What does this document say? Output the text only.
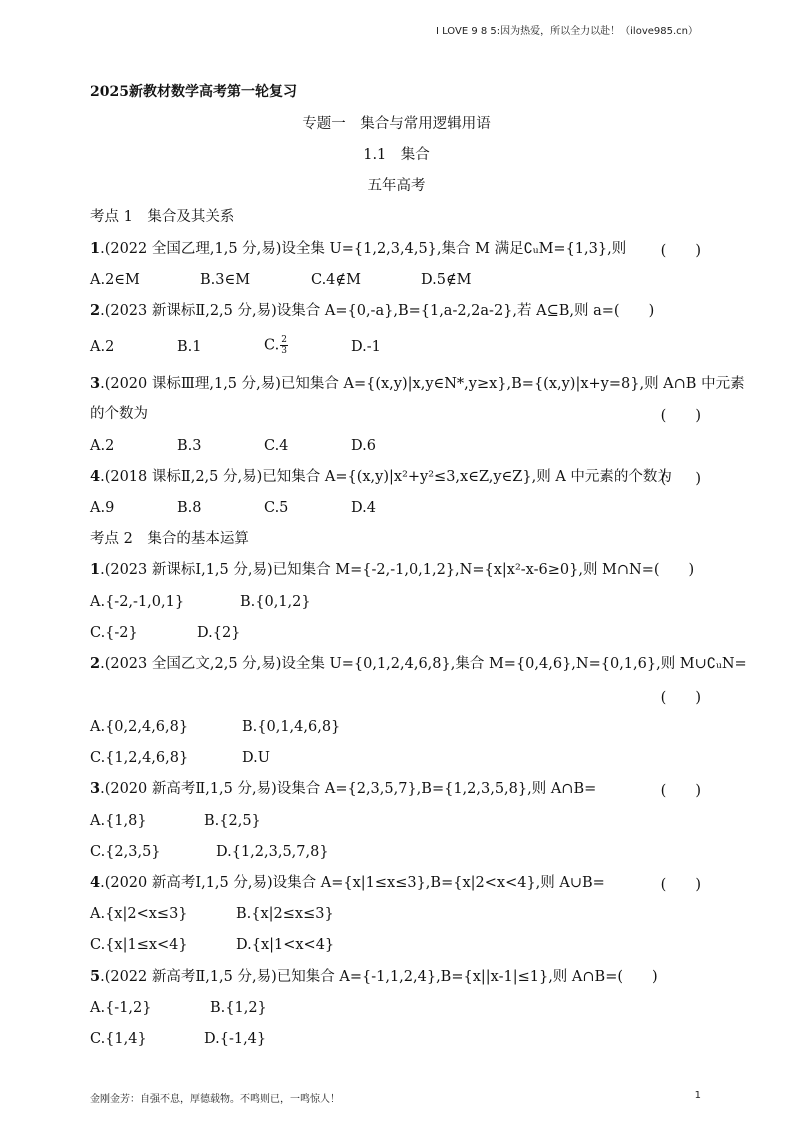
I LOVE 9 8 5:因为热爱，所以全力以赴！（ilove985.cn）
2025新教材数学高考第一轮复习
专题一　集合与常用逻辑用语
1.1　集合
五年高考
考点 1　集合及其关系
1.(2022 全国乙理,1,5 分,易)设全集 U={1,2,3,4,5},集合 M 满足∁ᵤM={1,3},则 (　　)
A.2∈M	B.3∈M	C.4∉M	D.5∉M
2.(2023 新课标Ⅱ,2,5 分,易)设集合 A={0,-a},B={1,a-2,2a-2},若 A⊆B,则 a=(　　)
A.2	B.1	C. $\frac{2}{3}$	D.-1
3.(2020 课标Ⅲ理,1,5 分,易)已知集合 A={(x,y)|x,y∈N*,y≥x},B={(x,y)|x+y=8},则 A∩B 中元素
的个数为	(　　)
A.2	B.3	C.4	D.6
4.(2018 课标Ⅱ,2,5 分,易)已知集合 A={(x,y)|x²+y²≤3,x∈Z,y∈Z},则 A 中元素的个数为
(　　)
A.9	B.8	C.5	D.4
考点 2　集合的基本运算
1.(2023 新课标Ⅰ,1,5 分,易)已知集合 M={-2,-1,0,1,2},N={x|x²-x-6≥0},则 M∩N=(　　)
A.{-2,-1,0,1}	B.{0,1,2}
C.{-2}	D.{2}
2.(2023 全国乙文,2,5 分,易)设全集 U={0,1,2,4,6,8},集合 M={0,4,6},N={0,1,6},则 M∪∁ᵤN=
(　　)
A.{0,2,4,6,8}	B.{0,1,4,6,8}
C.{1,2,4,6,8}	D.U
3.(2020 新高考Ⅱ,1,5 分,易)设集合 A={2,3,5,7},B={1,2,3,5,8},则 A∩B=	(　　)
A.{1,8}	B.{2,5}
C.{2,3,5}	D.{1,2,3,5,7,8}
4.(2020 新高考Ⅰ,1,5 分,易)设集合 A={x|1≤x≤3},B={x|2<x<4},则 A∪B=	(　　)
A.{x|2<x≤3}	B.{x|2≤x≤3}
C.{x|1≤x<4}	D.{x|1<x<4}
5.(2022 新高考Ⅱ,1,5 分,易)已知集合 A={-1,1,2,4},B={x||x-1|≤1},则 A∩B=(　　)
A.{-1,2}	B.{1,2}
C.{1,4}	D.{-1,4}
金刚金芳：自强不息，厚德载物。不鸣则已，一鸣惊人！	1
